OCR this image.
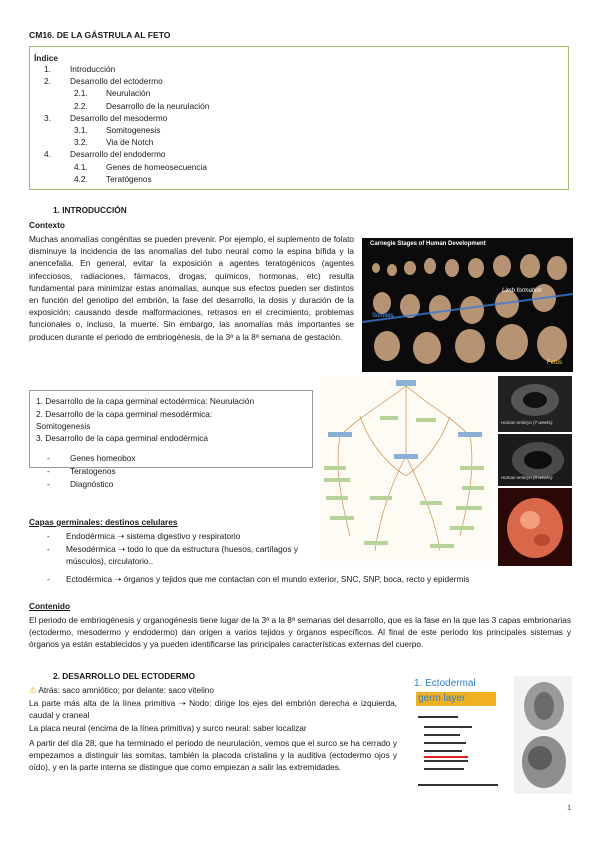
CM16. DE LA GÁSTRULA AL FETO
Índice
1. Introducción
2. Desarrollo del ectodermo
2.1. Neurulación
2.2. Desarrollo de la neurulación
3. Desarrollo del mesodermo
3.1. Somitogenesis
3.2. Via de Notch
4. Desarrollo del endodermo
4.1. Genes de homeosecuencia
4.2. Teratógenos
1. INTRODUCCIÓN
Contexto
Muchas anomalías congénitas se pueden prevenir. Por ejemplo, el suplemento de folato disminuye la incidencia de las anomalías del tubo neural como la espina bífida y la anencefalia. En general, evitar la exposición a agentes teratogénicos (agentes infecciosos, radiaciones, fármacos, drogas, químicos, hormonas, etc) resulta fundamental para minimizar estas anomalías, aunque sus efectos pueden ser distintos en función del genotipo del embrión, la fase del desarrollo, la dosis y duración de la exposición; causando desde malformaciones, retrasos en el crecimiento, problemas funcionales o, incluso, la muerte. Sin embargo, las anomalías más importantes se producen durante el periodo de embriogénesis, de la 3ª a la 8ª semana de gestación.
Carnegie Stages of Human Development
Limb formation
Somites
Fetus
1. Desarrollo de la capa germinal ectodérmica: Neurulación
2. Desarrollo de la capa germinal mesodérmica:
Somitogenesis
3. Desarrollo de la capa germinal endodérmica
- Genes homeobox
- Teratogenos
- Diagnóstico
Human embryo (7 weeks)
Human embryo (8 weeks)
Capas germinales: destinos celulares
- Endodérmica ➝ sistema digestivo y respiratorio
- Mesodérmica ➝ todo lo que da estructura (huesos, cartílagos y músculos), circulatorio..
- Ectodérmica ➝ órganos y tejidos que me contactan con el mundo exterior, SNC, SNP, boca, recto y epidermis
Contenido
El periodo de embriogénesis y organogénesis tiene lugar de la 3ª a la 8ª semanas del desarrollo, que es la fase en la que las 3 capas embrionarias (ectodermo, mesodermo y endodermo) dan origen a varios tejidos y órganos específicos. Al final de este periodo los principales sistemas y órganos ya están establecidos y ya pueden identificarse las principales características externas del cuerpo.
2. DESARROLLO DEL ECTODERMO
⚠ Atrás: saco amniótico; por delante: saco vitelino
La parte más alta de la línea primitiva ➝ Nodo: dirige los ejes del embrión derecha e izquierda, caudal y craneal
La placa neural (encima de la línea primitiva) y surco neural: saber localizar
A partir del día 28, que ha terminado el periodo de neurulación, vemos que el surco se ha cerrado y empezamos a distinguir las somitas, también la placoda cristalina y la auditiva (ectodermo ojos y oído), y en la parte interna se distingue que como empiezan a salir las extremidades.
1. Ectodermal
germ layer
1
